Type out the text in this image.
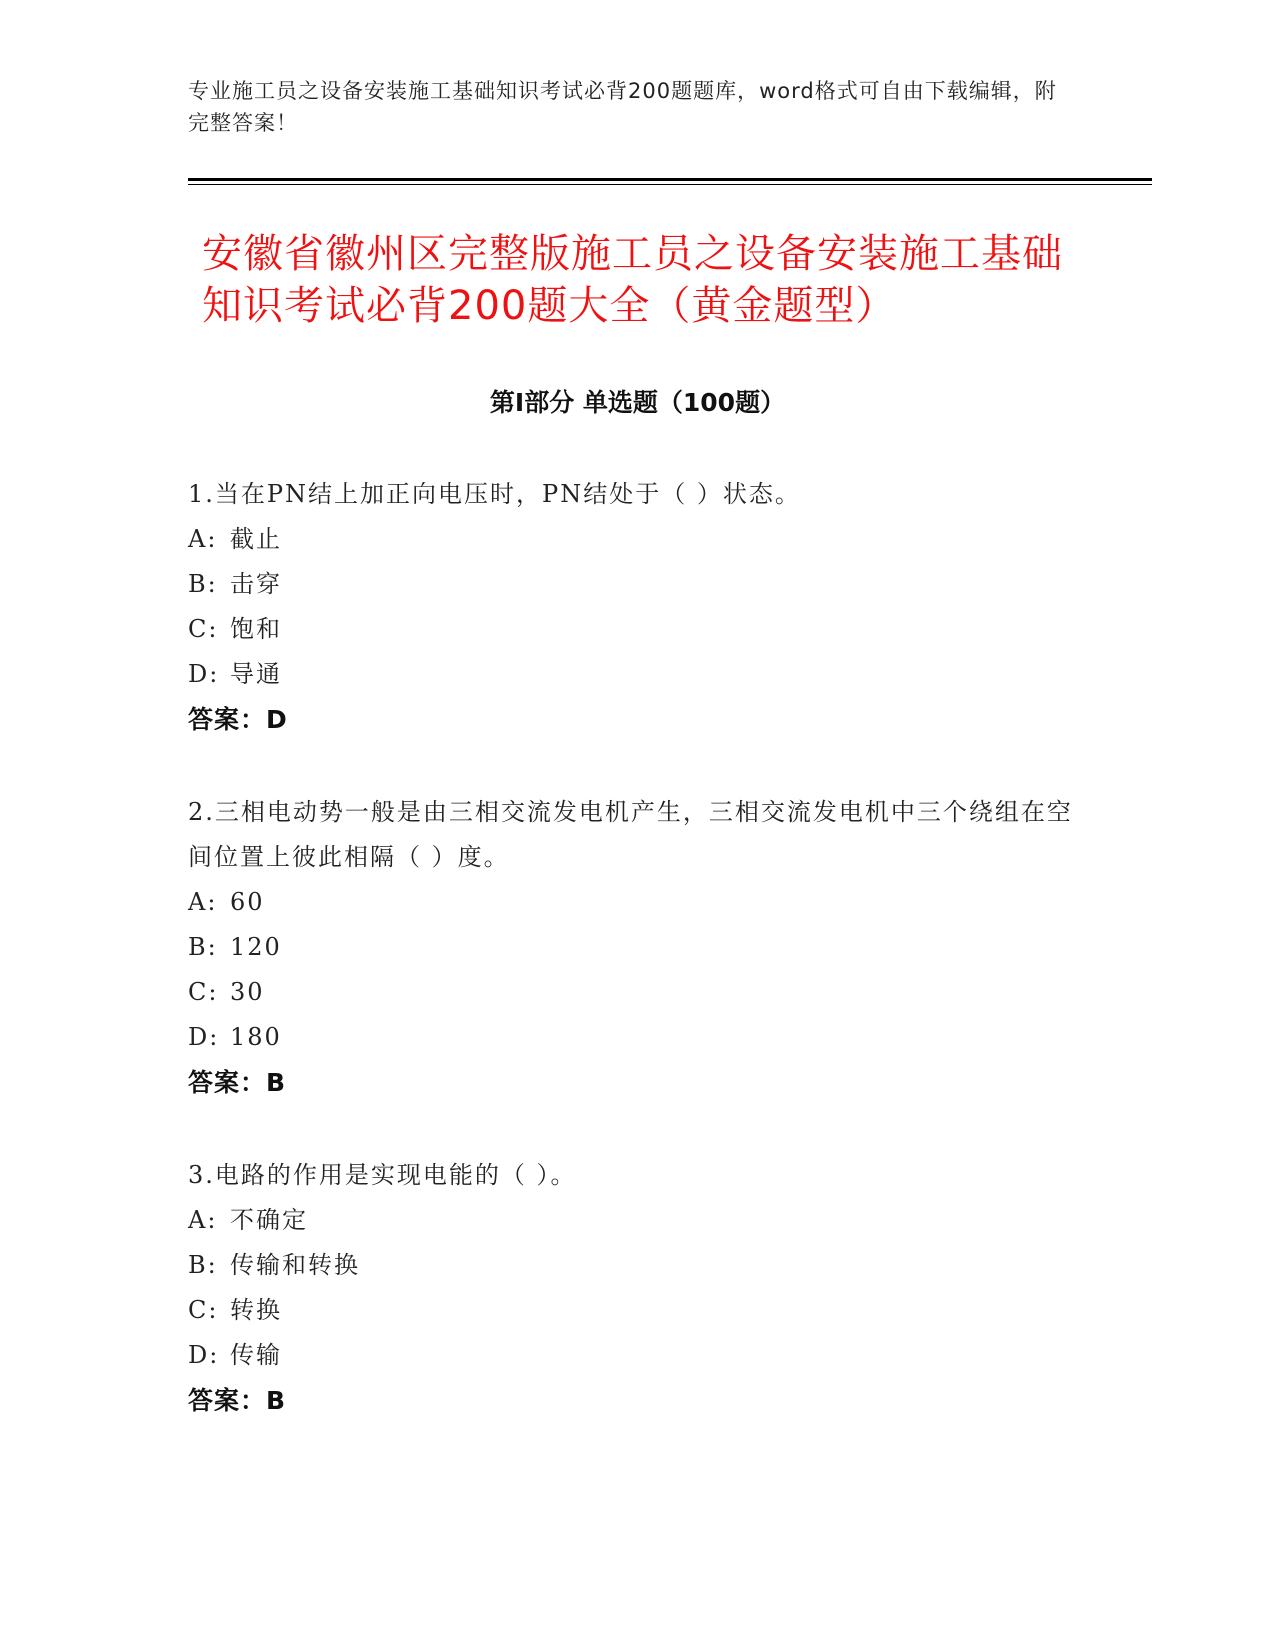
专业施工员之设备安装施工基础知识考试必背200题题库，word格式可自由下载编辑，附完整答案！
安徽省徽州区完整版施工员之设备安装施工基础知识考试必背200题大全（黄金题型）
第Ⅰ部分 单选题（100题）
1.当在PN结上加正向电压时，PN结处于（ ）状态。
A: 截止
B: 击穿
C: 饱和
D: 导通
答案：D
2.三相电动势一般是由三相交流发电机产生，三相交流发电机中三个绕组在空间位置上彼此相隔（ ）度。
A: 60
B: 120
C: 30
D: 180
答案：B
3.电路的作用是实现电能的（ ）。
A: 不确定
B: 传输和转换
C: 转换
D: 传输
答案：B
